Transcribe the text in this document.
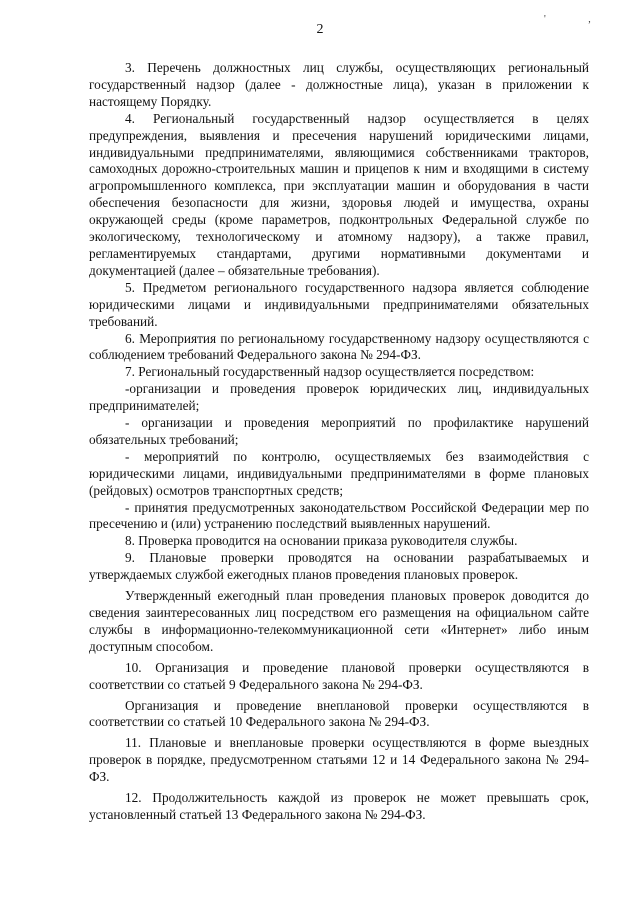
2
' ,

3. Перечень должностных лиц службы, осуществляющих региональный государственный надзор (далее - должностные лица), указан в приложении к настоящему Порядку.

4. Региональный государственный надзор осуществляется в целях предупреждения, выявления и пресечения нарушений юридическими лицами, индивидуальными предпринимателями, являющимися собственниками тракторов, самоходных дорожно-строительных машин и прицепов к ним и входящими в систему агропромышленного комплекса, при эксплуатации машин и оборудования в части обеспечения безопасности для жизни, здоровья людей и имущества, охраны окружающей среды (кроме параметров, подконтрольных Федеральной службе по экологическому, технологическому и атомному надзору), а также правил, регламентируемых стандартами, другими нормативными документами и документацией (далее – обязательные требования).

5. Предметом регионального государственного надзора является соблюдение юридическими лицами и индивидуальными предпринимателями обязательных требований.

6. Мероприятия по региональному государственному надзору осуществляются с соблюдением требований Федерального закона № 294-ФЗ.

7. Региональный государственный надзор осуществляется посредством:

-организации и проведения проверок юридических лиц, индивидуальных предпринимателей;

- организации и проведения мероприятий по профилактике нарушений обязательных требований;

- мероприятий по контролю, осуществляемых без взаимодействия с юридическими лицами, индивидуальными предпринимателями в форме плановых (рейдовых) осмотров транспортных средств;

- принятия предусмотренных законодательством Российской Федерации мер по пресечению и (или) устранению последствий выявленных нарушений.

8. Проверка проводится на основании приказа руководителя службы.

9. Плановые проверки проводятся на основании разрабатываемых и утверждаемых службой ежегодных планов проведения плановых проверок.

Утвержденный ежегодный план проведения плановых проверок доводится до сведения заинтересованных лиц посредством его размещения на официальном сайте службы в информационно-телекоммуникационной сети «Интернет» либо иным доступным способом.

10. Организация и проведение плановой проверки осуществляются в соответствии со статьей 9 Федерального закона № 294-ФЗ.

Организация и проведение внеплановой проверки осуществляются в соответствии со статьей 10 Федерального закона № 294-ФЗ.

11. Плановые и внеплановые проверки осуществляются в форме выездных проверок в порядке, предусмотренном статьями 12 и 14 Федерального закона № 294-ФЗ.

12. Продолжительность каждой из проверок не может превышать срок, установленный статьей 13 Федерального закона № 294-ФЗ.
